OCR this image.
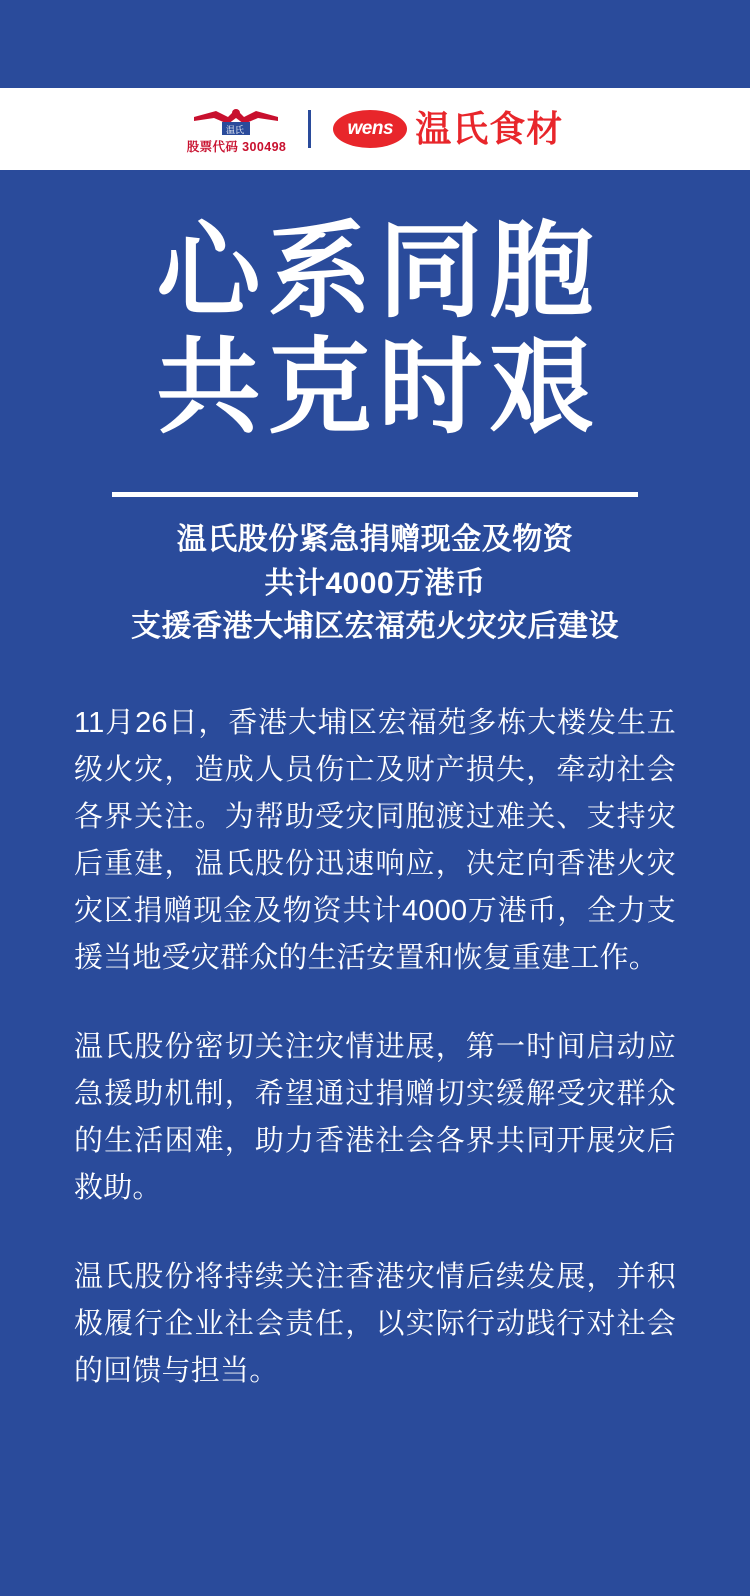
温氏
股票代码 300498
wens 温氏食材
心系同胞
共克时艰
温氏股份紧急捐赠现金及物资
共计4000万港币
支援香港大埔区宏福苑火灾灾后建设

11月26日，香港大埔区宏福苑多栋大楼发生五级火灾，造成人员伤亡及财产损失，牵动社会各界关注。为帮助受灾同胞渡过难关、支持灾后重建，温氏股份迅速响应，决定向香港火灾灾区捐赠现金及物资共计4000万港币，全力支援当地受灾群众的生活安置和恢复重建工作。

温氏股份密切关注灾情进展，第一时间启动应急援助机制，希望通过捐赠切实缓解受灾群众的生活困难，助力香港社会各界共同开展灾后救助。

温氏股份将持续关注香港灾情后续发展，并积极履行企业社会责任，以实际行动践行对社会的回馈与担当。
